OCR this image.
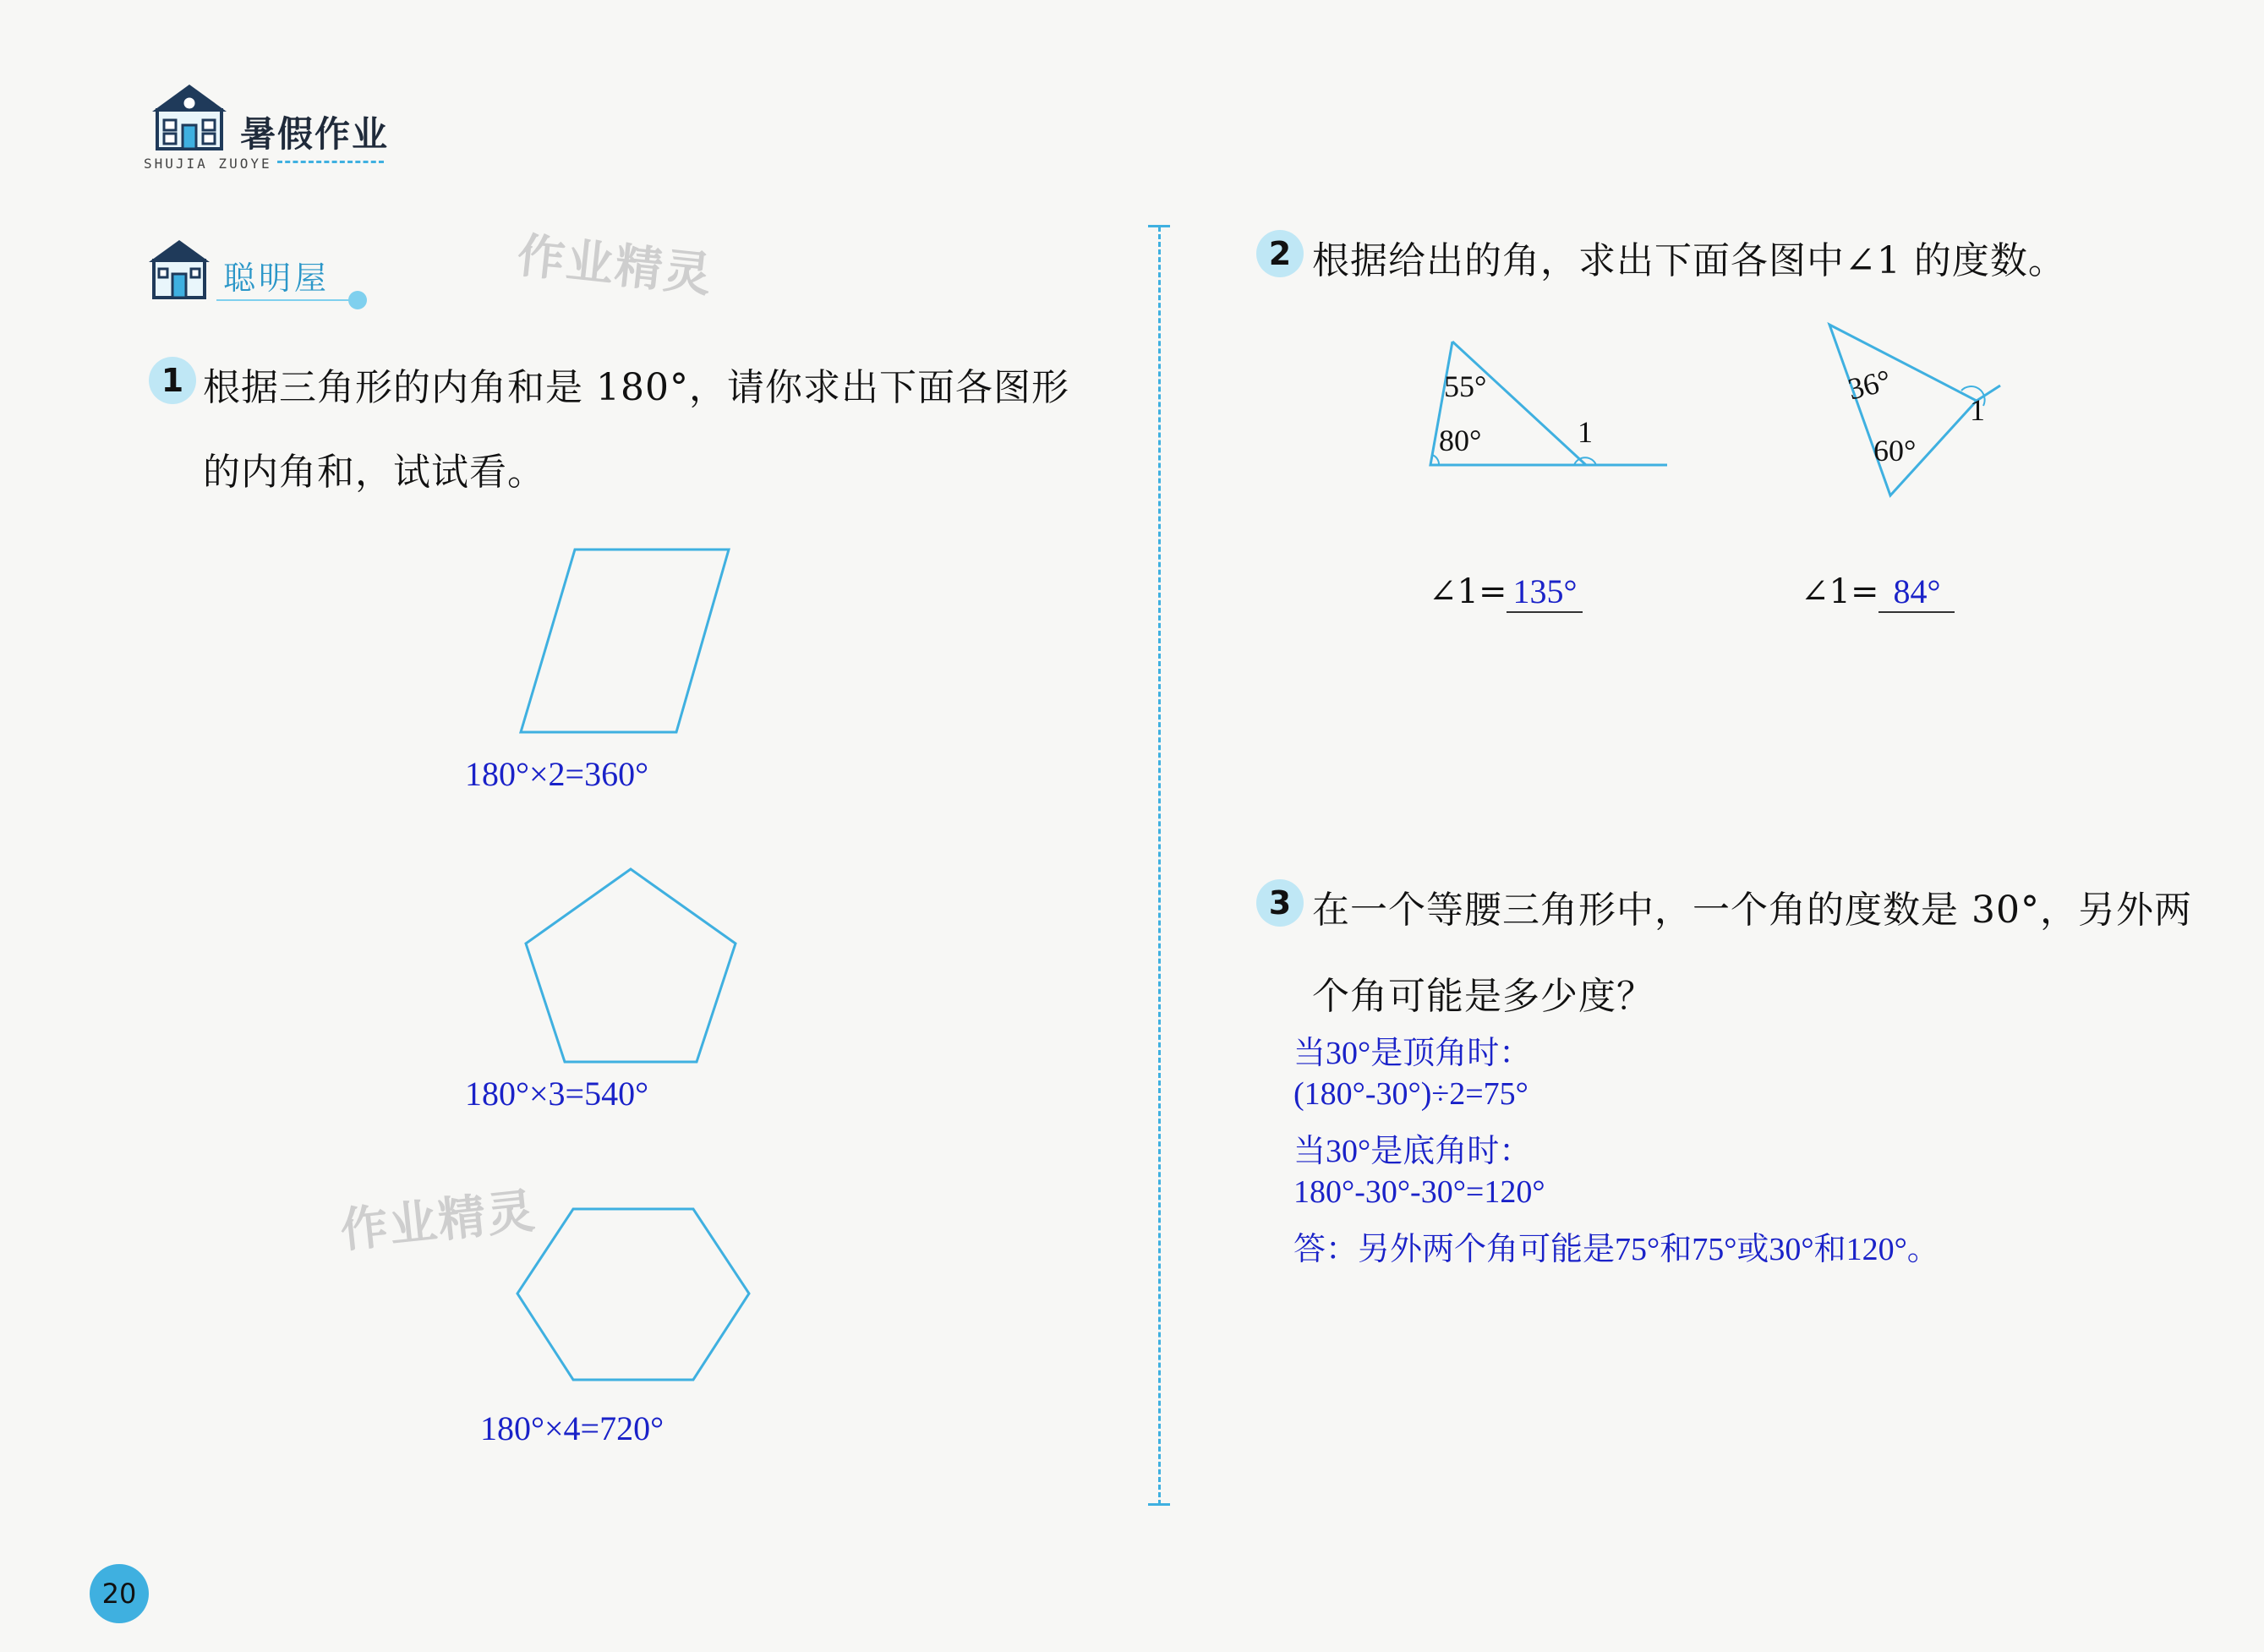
暑假作业
SHUJIA ZUOYE
聪明屋	作业精灵
作业精灵
1 根据三角形的内角和是 180°，请你求出下面各图形
的内角和，试试看。
180°×2=360°
180°×3=540°
180°×4=720°
2 根据给出的角，求出下面各图中∠1 的度数。
55°
80°	1
∠1= 135°
36°
60°
1
∠1= 84°
3 在一个等腰三角形中，一个角的度数是 30°，另外两
个角可能是多少度？
当30°是顶角时：
(180°-30°)÷2=75°
当30°是底角时：
180°-30°-30°=120°
答：另外两个角可能是75°和75°或30°和120°。
20
